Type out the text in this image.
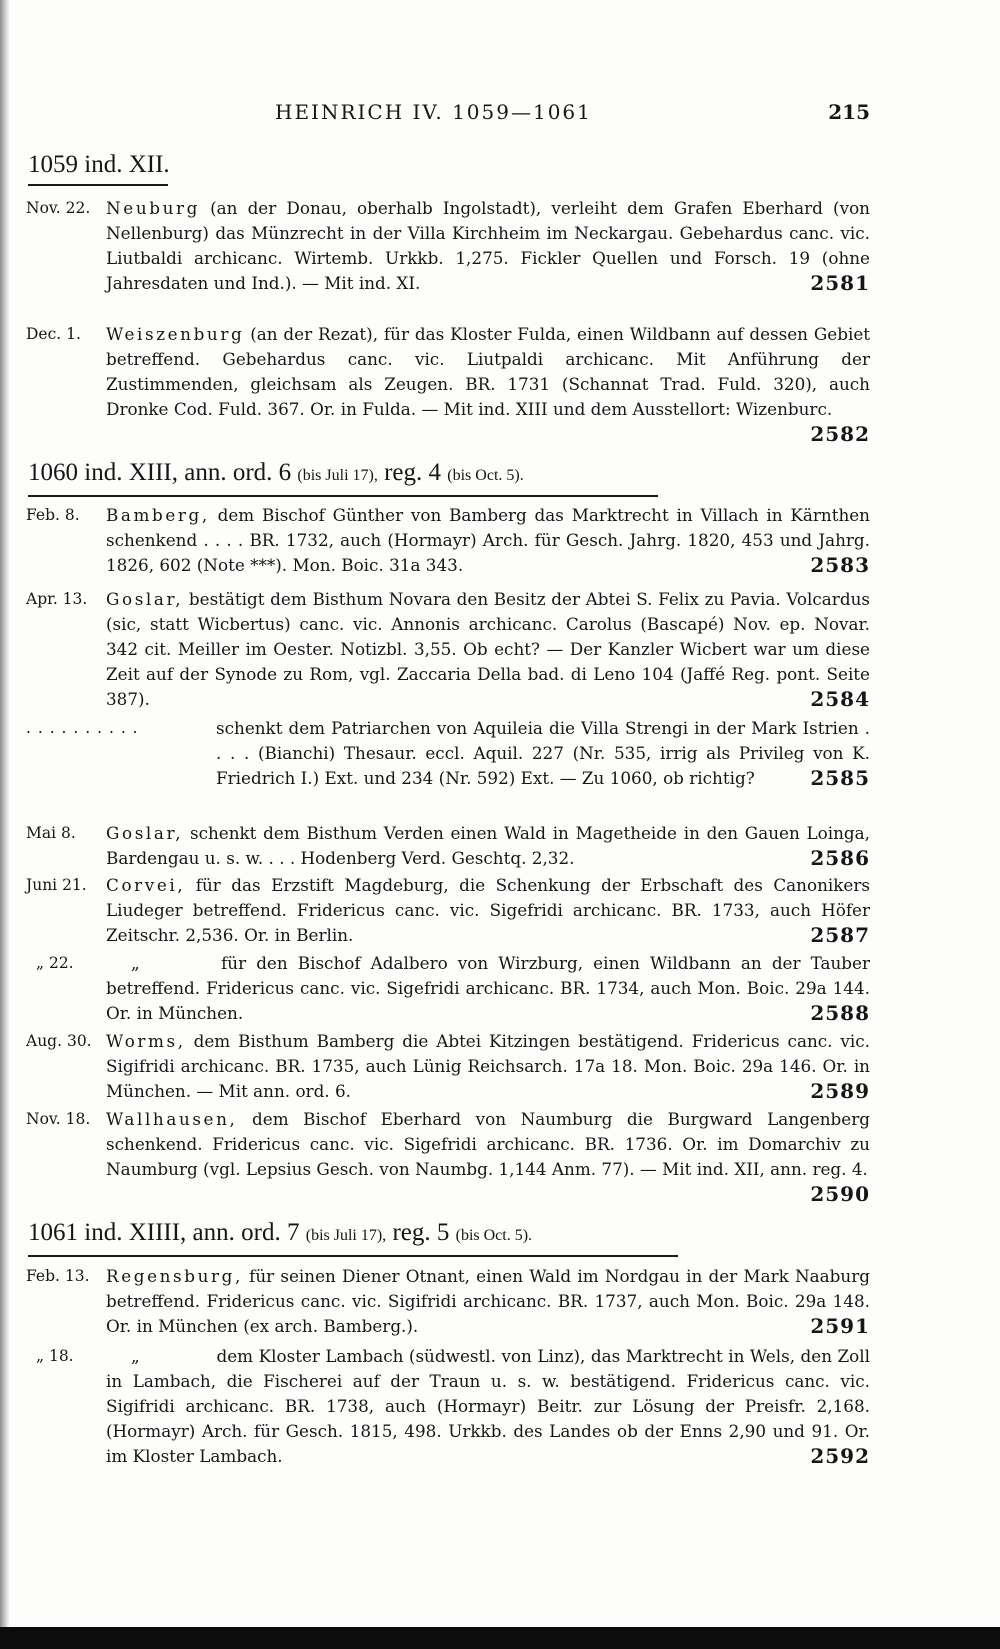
HEINRICH IV. 1059—1061	215
1059 ind. XII.
Nov. 22. Neuburg (an der Donau, oberhalb Ingolstadt), verleiht dem Grafen Eberhard (von Nellenburg) das Münzrecht in der Villa Kirchheim im Neckargau. Gebehardus canc. vic. Liutbaldi archicanc. Wirtemb. Urkkb. 1,275. Fickler Quellen und Forsch. 19 (ohne Jahresdaten und Ind.). — Mit ind. XI.	2581
Dec. 1.	Weiszenburg (an der Rezat), für das Kloster Fulda, einen Wildbann auf dessen Gebiet betreffend. Gebehardus canc. vic. Liutpaldi archicanc. Mit Anführung der Zustimmenden, gleichsam als Zeugen. BR. 1731 (Schannat Trad. Fuld. 320), auch Dronke Cod. Fuld. 367. Or. in Fulda. — Mit ind. XIII und dem Ausstellort: Wizenburc.
2582
1060 ind. XIII, ann. ord. 6 (bis Juli 17), reg. 4 (bis Oct. 5).
Feb. 8.	Bamberg, dem Bischof Günther von Bamberg das Marktrecht in Villach in Kärnthen schenkend . . . . BR. 1732, auch (Hormayr) Arch. für Gesch. Jahrg. 1820, 453 und Jahrg. 1826, 602 (Note ***). Mon. Boic. 31a 343.	2583
Apr. 13.	Goslar, bestätigt dem Bisthum Novara den Besitz der Abtei S. Felix zu Pavia. Volcardus (sic, statt Wicbertus) canc. vic. Annonis archicanc. Carolus (Bascapé) Nov. ep. Novar. 342 cit. Meiller im Oester. Notizbl. 3,55. Ob echt? — Der Kanzler Wicbert war um diese Zeit auf der Synode zu Rom, vgl. Zaccaria Della bad. di Leno 104 (Jaffé Reg. pont. Seite 387).	2584
. . . . . . . . . .	schenkt dem Patriarchen von Aquileia die Villa Strengi in der Mark Istrien . . . . (Bianchi) Thesaur. eccl. Aquil. 227 (Nr. 535, irrig als Privileg von K. Friedrich I.) Ext. und 234 (Nr. 592) Ext. — Zu 1060, ob richtig?	2585
Mai 8.	Goslar, schenkt dem Bisthum Verden einen Wald in Magetheide in den Gauen Loinga, Bardengau u. s. w. . . . Hodenberg Verd. Geschtq. 2,32.	2586
Juni 21.	Corvei, für das Erzstift Magdeburg, die Schenkung der Erbschaft des Canonikers Liudeger betreffend. Fridericus canc. vic. Sigefridi archicanc. BR. 1733, auch Höfer Zeitschr. 2,536. Or. in Berlin.	2587
„ 22.	„	für den Bischof Adalbero von Wirzburg, einen Wildbann an der Tauber betreffend. Fridericus canc. vic. Sigefridi archicanc. BR. 1734, auch Mon. Boic. 29a 144. Or. in München.	2588
Aug. 30. Worms, dem Bisthum Bamberg die Abtei Kitzingen bestätigend. Fridericus canc. vic. Sigifridi archicanc. BR. 1735, auch Lünig Reichsarch. 17a 18. Mon. Boic. 29a 146. Or. in München. — Mit ann. ord. 6.	2589
Nov. 18. Wallhausen, dem Bischof Eberhard von Naumburg die Burgward Langenberg schenkend. Fridericus canc. vic. Sigefridi archicanc. BR. 1736. Or. im Domarchiv zu Naumburg (vgl. Lepsius Gesch. von Naumbg. 1,144 Anm. 77). — Mit ind. XII, ann. reg. 4.
2590
1061 ind. XIIII, ann. ord. 7 (bis Juli 17), reg. 5 (bis Oct. 5).
Feb. 13. Regensburg, für seinen Diener Otnant, einen Wald im Nordgau in der Mark Naaburg betreffend. Fridericus canc. vic. Sigifridi archicanc. BR. 1737, auch Mon. Boic. 29a 148. Or. in München (ex arch. Bamberg.).	2591
„ 18.	„	dem Kloster Lambach (südwestl. von Linz), das Marktrecht in Wels, den Zoll in Lambach, die Fischerei auf der Traun u. s. w. bestätigend. Fridericus canc. vic. Sigifridi archicanc. BR. 1738, auch (Hormayr) Beitr. zur Lösung der Preisfr. 2,168. (Hormayr) Arch. für Gesch. 1815, 498. Urkkb. des Landes ob der Enns 2,90 und 91. Or. im Kloster Lambach.	2592
